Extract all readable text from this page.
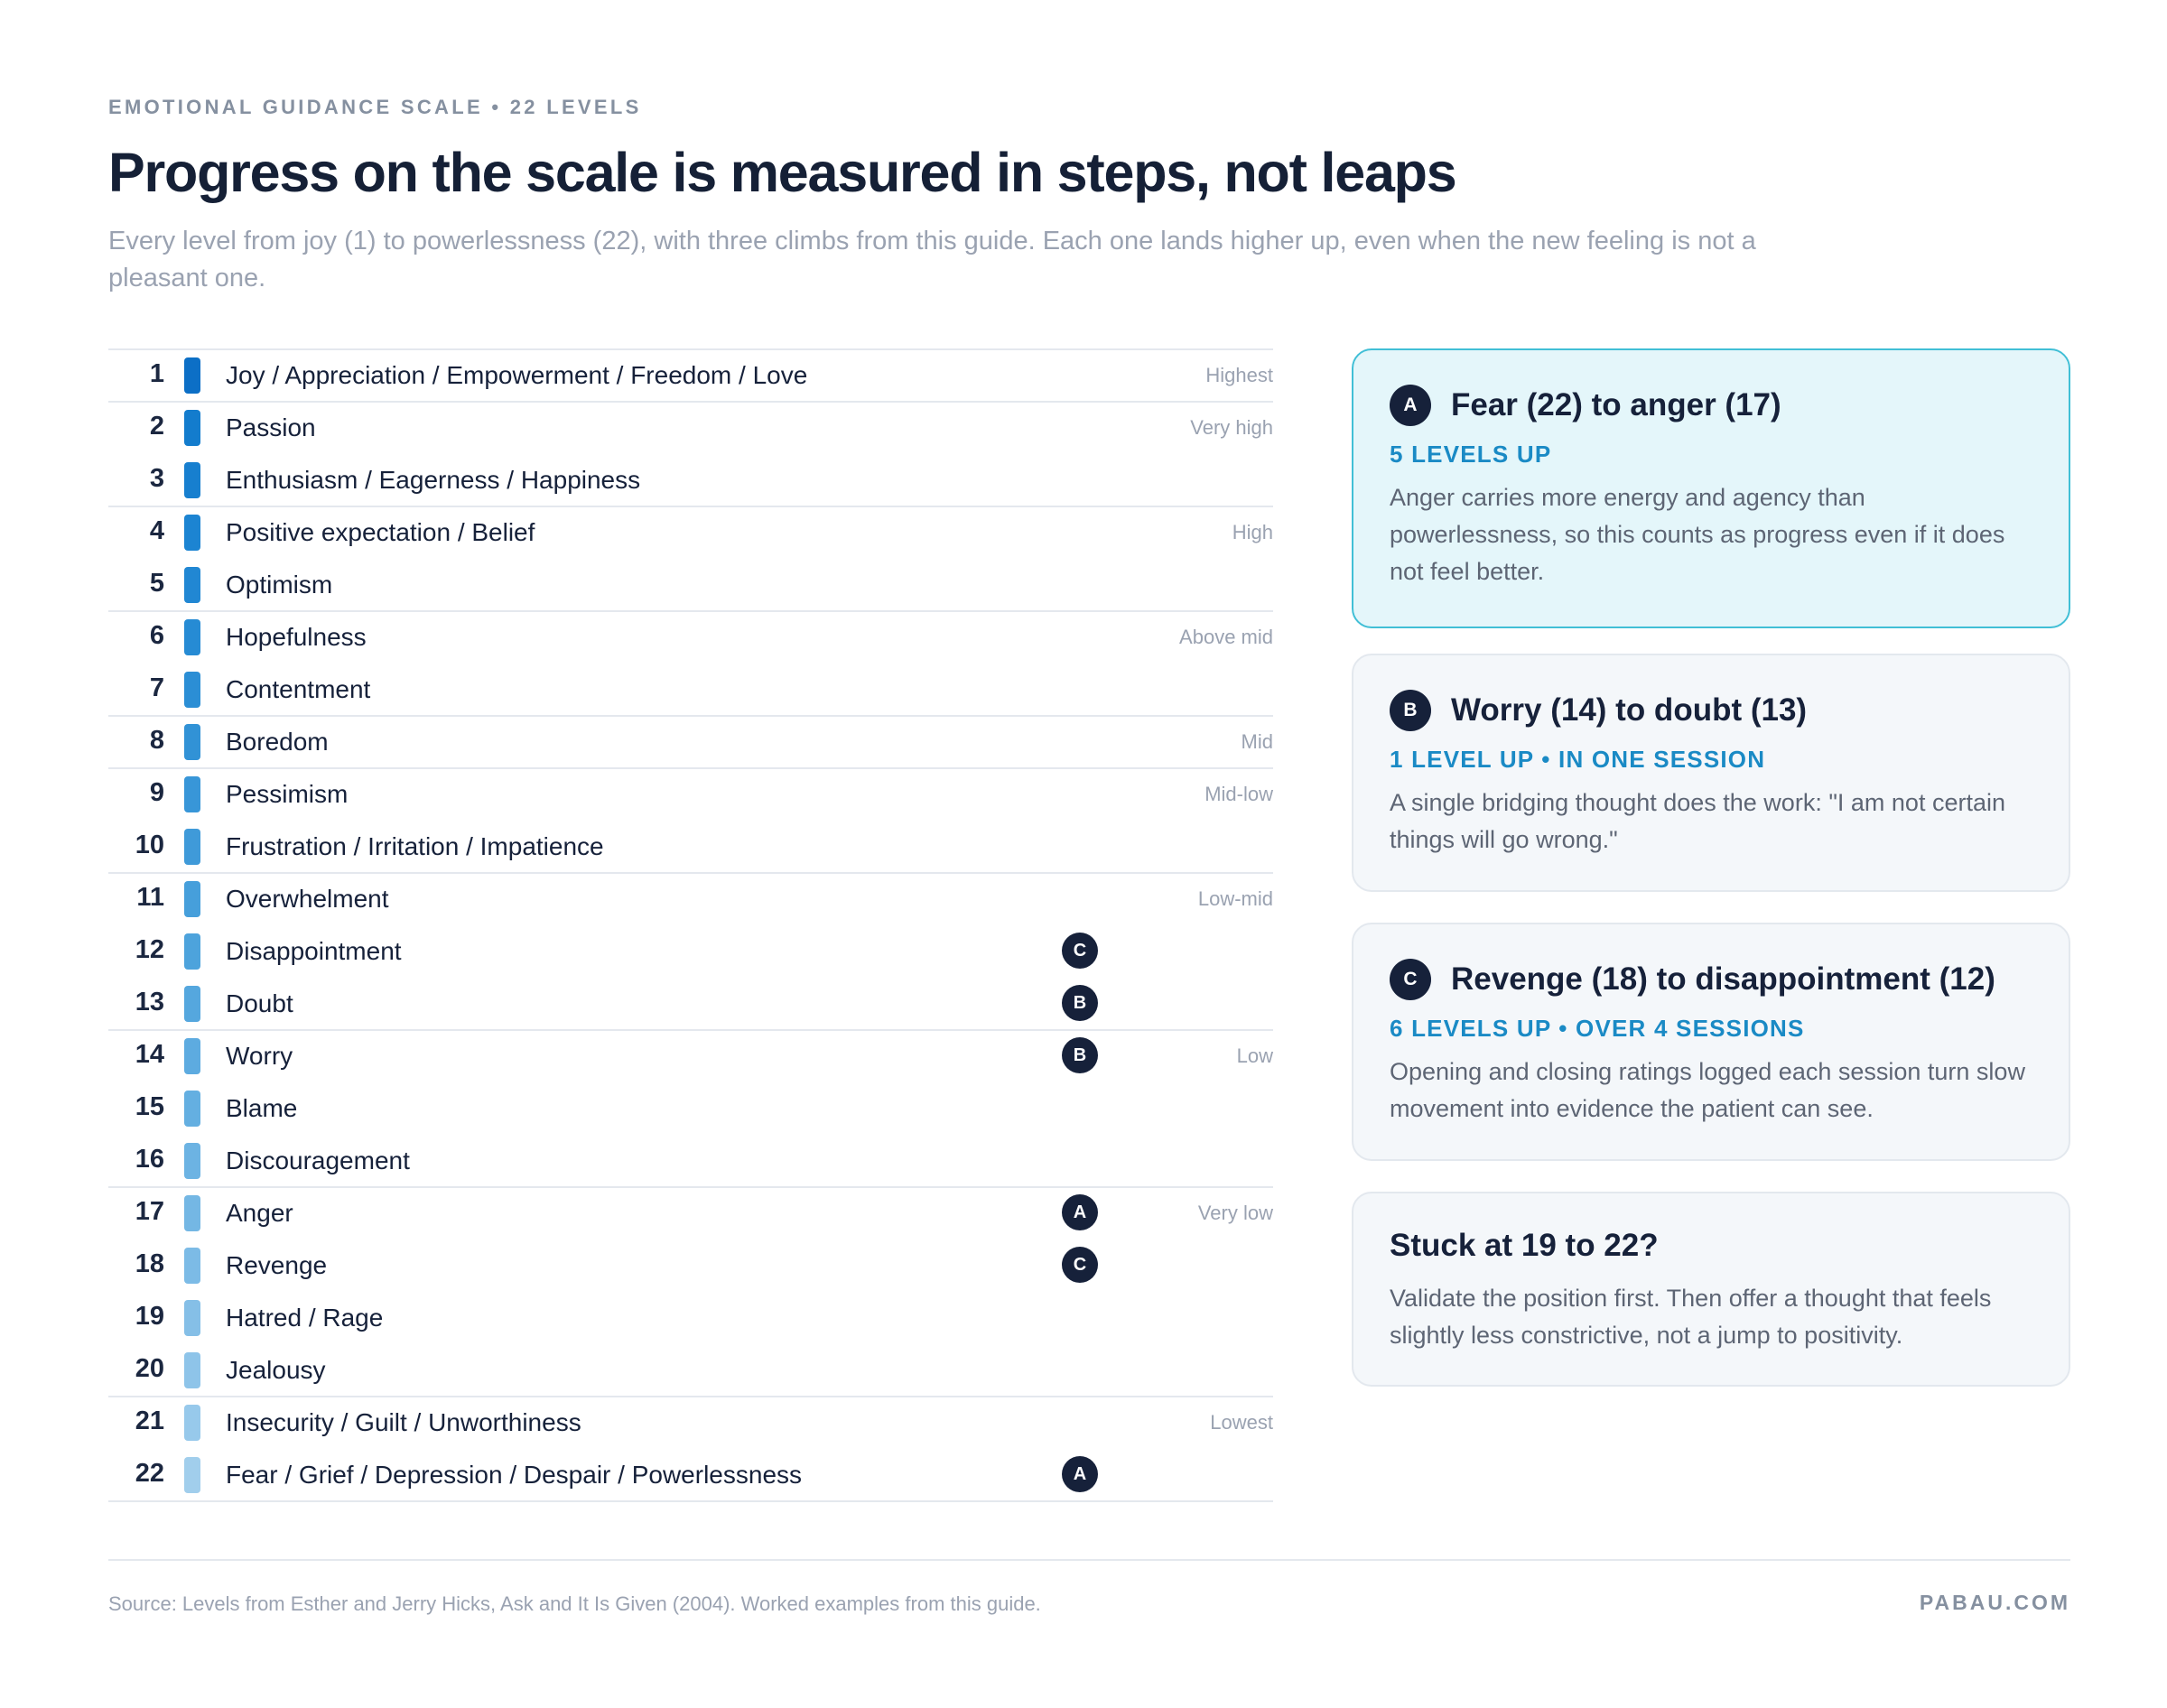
EMOTIONAL GUIDANCE SCALE • 22 LEVELS
Progress on the scale is measured in steps, not leaps

Every level from joy (1) to powerlessness (22), with three climbs from this guide. Each one lands higher up, even when the new feeling is not a pleasant one.

1 Joy / Appreciation / Empowerment / Freedom / Love	Highest
2 Passion	Very high
3 Enthusiasm / Eagerness / Happiness
4 Positive expectation / Belief	High
5 Optimism
6 Hopefulness	Above mid
7 Contentment
8 Boredom	Mid
9 Pessimism	Mid-low
10 Frustration / Irritation / Impatience
11 Overwhelment	Low-mid
12 Disappointment	C
13 Doubt	B
14 Worry	B	Low
15 Blame
16 Discouragement
17 Anger	A	Very low
18 Revenge	C
19 Hatred / Rage
20 Jealousy
21 Insecurity / Guilt / Unworthiness	Lowest
22 Fear / Grief / Depression / Despair / Powerlessness	A
A	Fear (22) to anger (17)
5 LEVELS UP

Anger carries more energy and agency than powerlessness, so this counts as progress even if it does not feel better.

B	Worry (14) to doubt (13)
1 LEVEL UP • IN ONE SESSION

A single bridging thought does the work: "I am not certain things will go wrong."

C	Revenge (18) to disappointment (12)
6 LEVELS UP • OVER 4 SESSIONS

Opening and closing ratings logged each session turn slow movement into evidence the patient can see.

Stuck at 19 to 22?

Validate the position first. Then offer a thought that feels slightly less constrictive, not a jump to positivity.

Source: Levels from Esther and Jerry Hicks, Ask and It Is Given (2004). Worked examples from this guide.	PABAU.COM
